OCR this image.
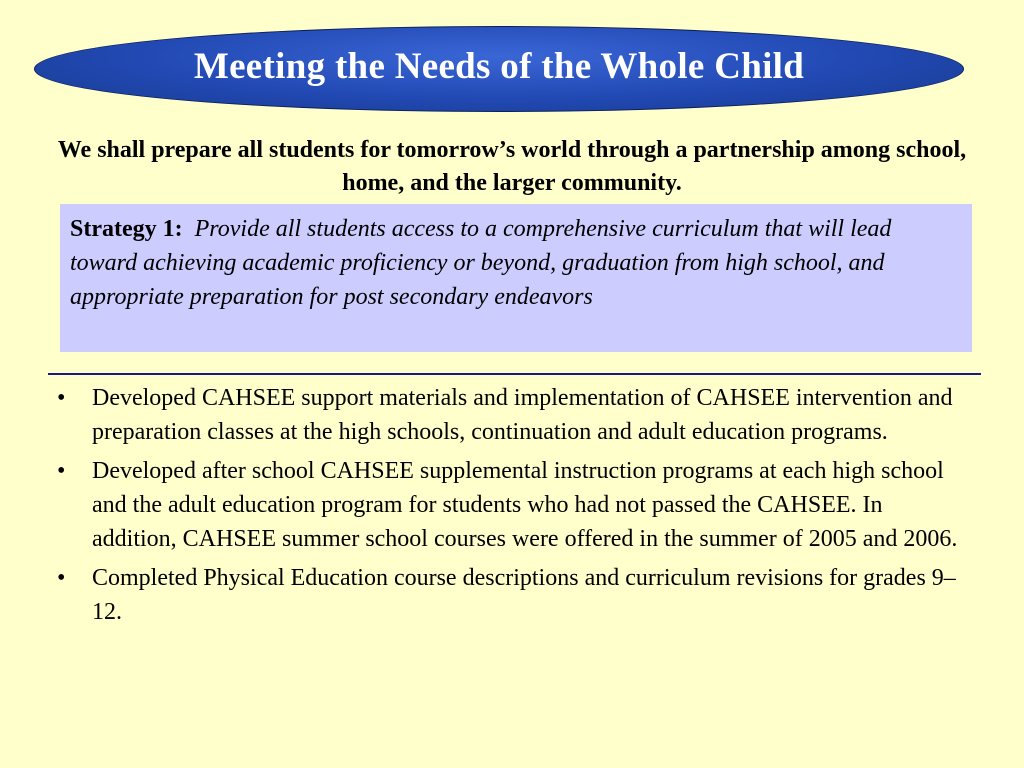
Meeting the Needs of the Whole Child
We shall prepare all students for tomorrow’s world through a partnership among school, home, and the larger community.
Strategy 1: Provide all students access to a comprehensive curriculum that will lead toward achieving academic proficiency or beyond, graduation from high school, and appropriate preparation for post secondary endeavors
• Developed CAHSEE support materials and implementation of CAHSEE intervention and preparation classes at the high schools, continuation and adult education programs.
• Developed after school CAHSEE supplemental instruction programs at each high school and the adult education program for students who had not passed the CAHSEE. In addition, CAHSEE summer school courses were offered in the summer of 2005 and 2006.
• Completed Physical Education course descriptions and curriculum revisions for grades 9–12.
